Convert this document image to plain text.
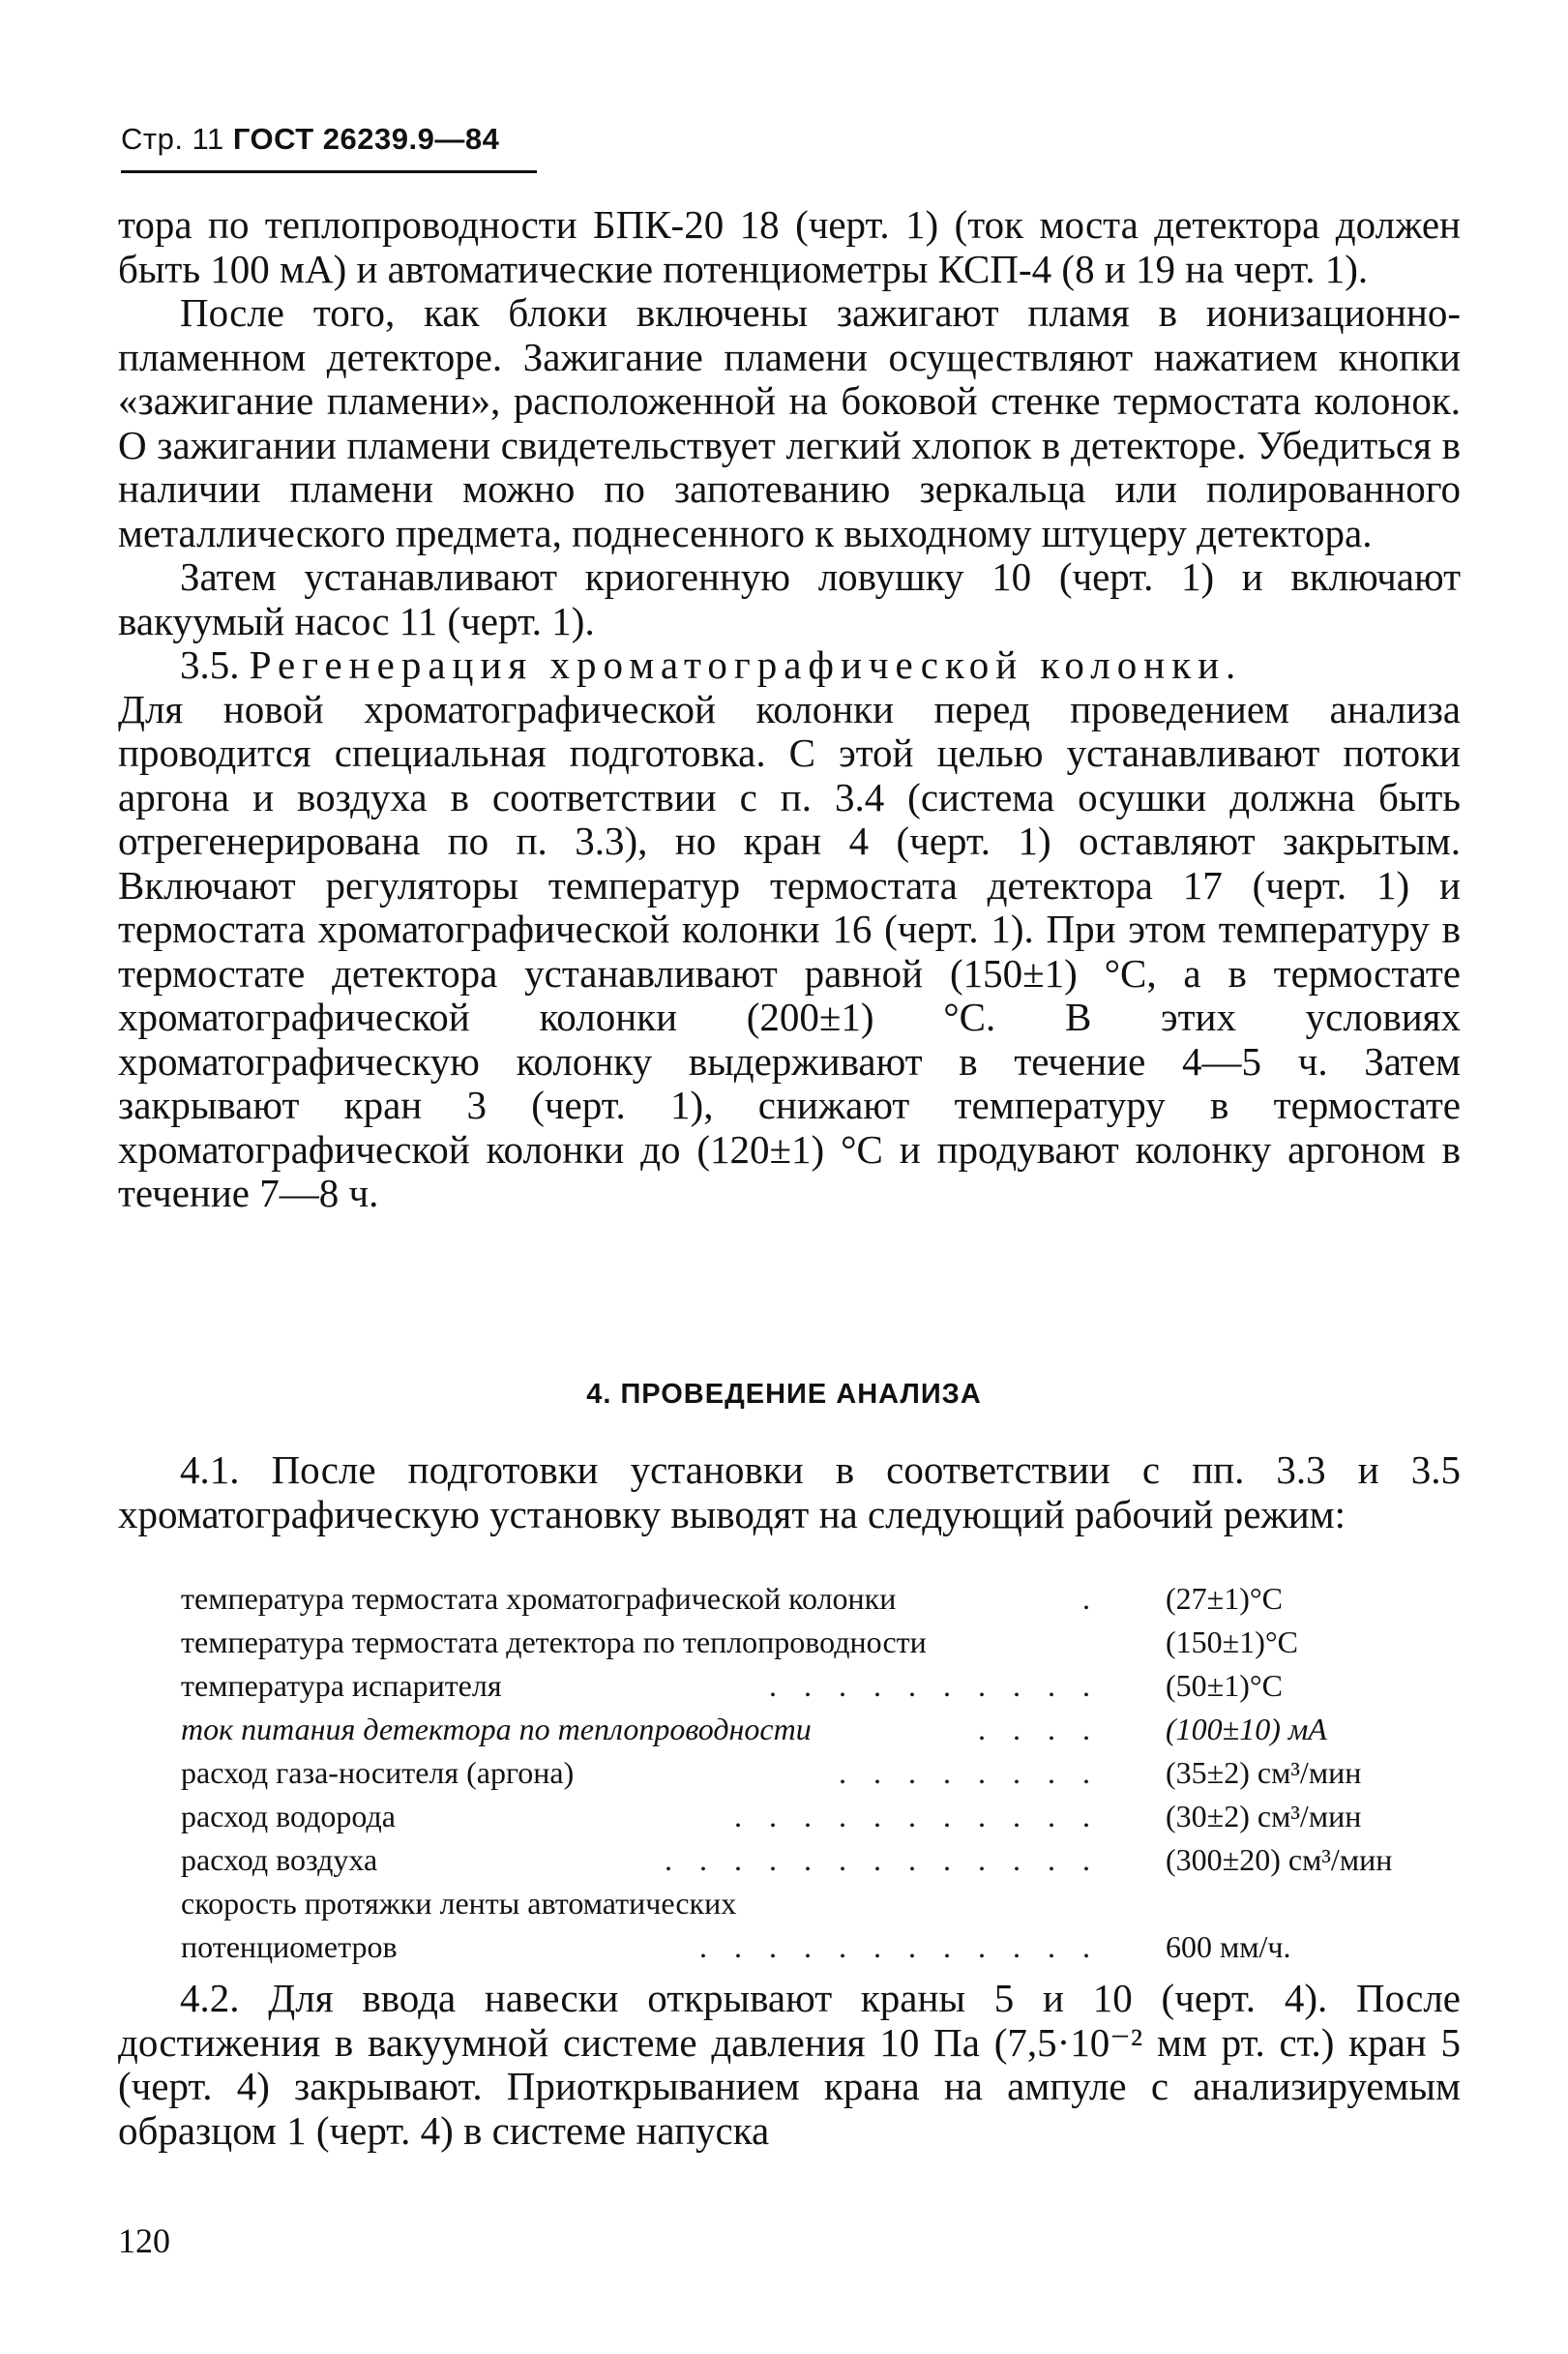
Стр. 11 ГОСТ 26239.9—84

тора по теплопроводности БПК-20 18 (черт. 1) (ток моста детектора должен быть 100 мА) и автоматические потенциометры КСП-4 (8 и 19 на черт. 1).

После того, как блоки включены зажигают пламя в ионизационно-пламенном детекторе. Зажигание пламени осуществляют нажатием кнопки «зажигание пламени», расположенной на боковой стенке термостата колонок. О зажигании пламени свидетельствует легкий хлопок в детекторе. Убедиться в наличии пламени можно по запотеванию зеркальца или полированного металлического предмета, поднесенного к выходному штуцеру детектора.

Затем устанавливают криогенную ловушку 10 (черт. 1) и включают вакуумый насос 11 (черт. 1).

3.5. Регенерация хроматографической колонки.

Для новой хроматографической колонки перед проведением анализа проводится специальная подготовка. С этой целью устанавливают потоки аргона и воздуха в соответствии с п. 3.4 (система осушки должна быть отрегенерирована по п. 3.3), но кран 4 (черт. 1) оставляют закрытым. Включают регуляторы температур термостата детектора 17 (черт. 1) и термостата хроматографической колонки 16 (черт. 1). При этом температуру в термостате детектора устанавливают равной (150±1) °С, а в термостате хроматографической колонки (200±1) °С. В этих условиях хроматографическую колонку выдерживают в течение 4—5 ч. Затем закрывают кран 3 (черт. 1), снижают температуру в термостате хроматографической колонки до (120±1) °С и продувают колонку аргоном в течение 7—8 ч.

4. ПРОВЕДЕНИЕ АНАЛИЗА

4.1. После подготовки установки в соответствии с пп. 3.3 и 3.5 хроматографическую установку выводят на следующий рабочий режим:

температура термостата хроматографической колонки	. (27±1)°С
температура термостата детектора по теплопроводности	(150±1)°С
температура испарителя	. . . . . . . . . . (50±1)°С
ток питания детектора по теплопроводности	. . . . (100±10) мА
расход газа-носителя (аргона)	. . . . . . . . (35±2) см³/мин
расход водорода	. . . . . . . . . . . (30±2) см³/мин
расход воздуха	. . . . . . . . . . . . . (300±20) см³/мин
скорость протяжки ленты автоматических
потенциометров	. . . . . . . . . . . . 600 мм/ч.

4.2. Для ввода навески открывают краны 5 и 10 (черт. 4). После достижения в вакуумной системе давления 10 Па (7,5·10⁻² мм рт. ст.) кран 5 (черт. 4) закрывают. Приоткрыванием крана на ампуле с анализируемым образцом 1 (черт. 4) в системе напуска

120
